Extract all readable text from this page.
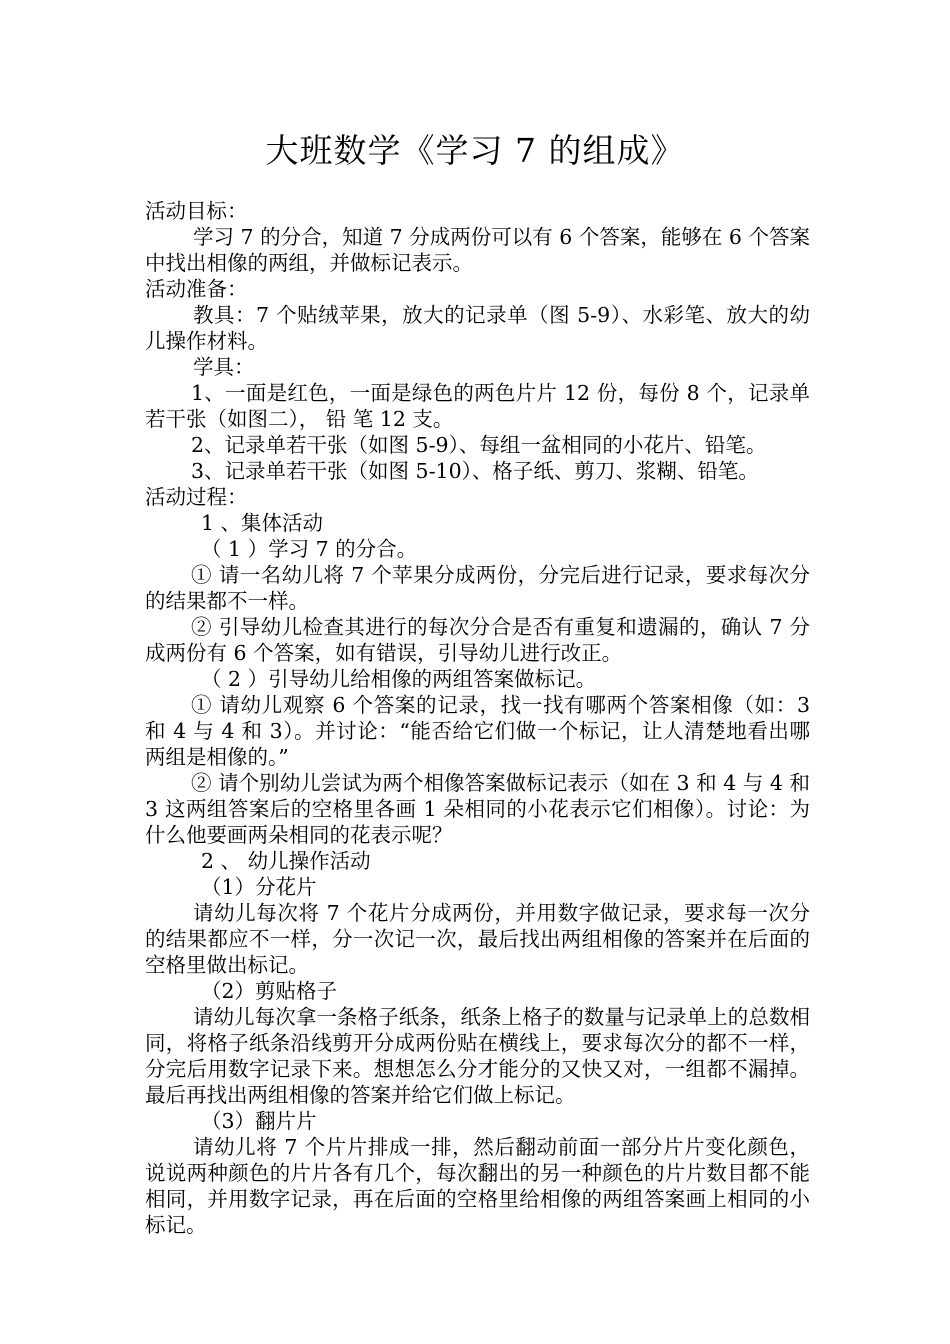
大班数学《学习 7 的组成》

活动目标：

学习 7 的分合，知道 7 分成两份可以有 6 个答案，能够在 6 个答案中找出相像的两组，并做标记表示。

活动准备：

教具：7 个贴绒苹果，放大的记录单（图 5-9）、水彩笔、放大的幼儿操作材料。

学具：

1、一面是红色，一面是绿色的两色片片 12 份，每份 8 个，记录单若干张（如图二）， 铅 笔 12 支。

2、记录单若干张（如图 5-9）、每组一盆相同的小花片、铅笔。

3、记录单若干张（如图 5-10）、格子纸、剪刀、浆糊、铅笔。

活动过程：

1 、集体活动

（ 1 ）学习 7 的分合。

① 请一名幼儿将 7 个苹果分成两份，分完后进行记录，要求每次分的结果都不一样。

② 引导幼儿检查其进行的每次分合是否有重复和遗漏的，确认 7 分成两份有 6 个答案，如有错误，引导幼儿进行改正。

（ 2 ）引导幼儿给相像的两组答案做标记。

① 请幼儿观察 6 个答案的记录，找一找有哪两个答案相像（如：3 和 4 与 4 和 3）。并讨论：“能否给它们做一个标记，让人清楚地看出哪两组是相像的。”

② 请个别幼儿尝试为两个相像答案做标记表示（如在 3 和 4 与 4 和 3 这两组答案后的空格里各画 1 朵相同的小花表示它们相像）。讨论：为什么他要画两朵相同的花表示呢？

2 、 幼儿操作活动

（1）分花片

请幼儿每次将 7 个花片分成两份，并用数字做记录，要求每一次分的结果都应不一样，分一次记一次，最后找出两组相像的答案并在后面的空格里做出标记。

（2）剪贴格子

请幼儿每次拿一条格子纸条，纸条上格子的数量与记录单上的总数相同，将格子纸条沿线剪开分成两份贴在横线上，要求每次分的都不一样，分完后用数字记录下来。想想怎么分才能分的又快又对，一组都不漏掉。最后再找出两组相像的答案并给它们做上标记。

（3）翻片片

请幼儿将 7 个片片排成一排，然后翻动前面一部分片片变化颜色，说说两种颜色的片片各有几个，每次翻出的另一种颜色的片片数目都不能相同，并用数字记录，再在后面的空格里给相像的两组答案画上相同的小标记。
